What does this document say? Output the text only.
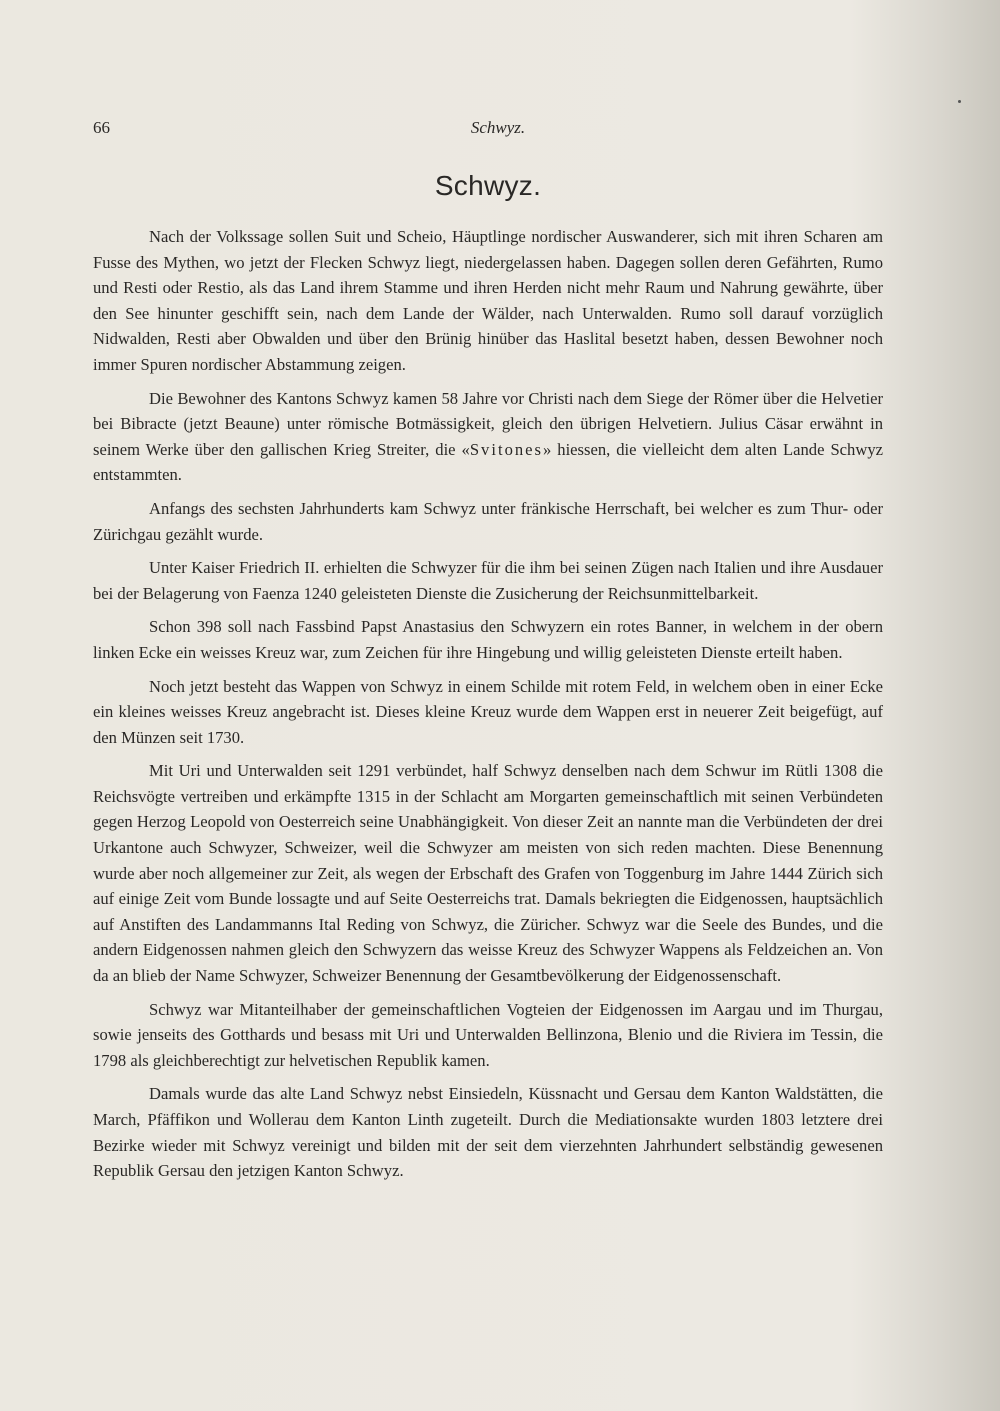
66	Schwyz.
Schwyz.

Nach der Volkssage sollen Suit und Scheio, Häuptlinge nordischer Auswanderer, sich mit ihren Scharen am Fusse des Mythen, wo jetzt der Flecken Schwyz liegt, niedergelassen haben. Dagegen sollen deren Gefährten, Rumo und Resti oder Restio, als das Land ihrem Stamme und ihren Herden nicht mehr Raum und Nahrung gewährte, über den See hinunter geschifft sein, nach dem Lande der Wälder, nach Unterwalden. Rumo soll darauf vorzüglich Nidwalden, Resti aber Obwalden und über den Brünig hinüber das Haslital besetzt haben, dessen Bewohner noch immer Spuren nordischer Abstammung zeigen.

Die Bewohner des Kantons Schwyz kamen 58 Jahre vor Christi nach dem Siege der Römer über die Helvetier bei Bibracte (jetzt Beaune) unter römische Botmässigkeit, gleich den übrigen Helvetiern. Julius Cäsar erwähnt in seinem Werke über den gallischen Krieg Streiter, die «Svitones» hiessen, die vielleicht dem alten Lande Schwyz entstammten.

Anfangs des sechsten Jahrhunderts kam Schwyz unter fränkische Herrschaft, bei welcher es zum Thur- oder Zürichgau gezählt wurde.

Unter Kaiser Friedrich II. erhielten die Schwyzer für die ihm bei seinen Zügen nach Italien und ihre Ausdauer bei der Belagerung von Faenza 1240 geleisteten Dienste die Zusicherung der Reichsunmittelbarkeit.

Schon 398 soll nach Fassbind Papst Anastasius den Schwyzern ein rotes Banner, in welchem in der obern linken Ecke ein weisses Kreuz war, zum Zeichen für ihre Hingebung und willig geleisteten Dienste erteilt haben.

Noch jetzt besteht das Wappen von Schwyz in einem Schilde mit rotem Feld, in welchem oben in einer Ecke ein kleines weisses Kreuz angebracht ist. Dieses kleine Kreuz wurde dem Wappen erst in neuerer Zeit beigefügt, auf den Münzen seit 1730.

Mit Uri und Unterwalden seit 1291 verbündet, half Schwyz denselben nach dem Schwur im Rütli 1308 die Reichsvögte vertreiben und erkämpfte 1315 in der Schlacht am Morgarten gemeinschaftlich mit seinen Verbündeten gegen Herzog Leopold von Oesterreich seine Unabhängigkeit. Von dieser Zeit an nannte man die Verbündeten der drei Urkantone auch Schwyzer, Schweizer, weil die Schwyzer am meisten von sich reden machten. Diese Benennung wurde aber noch allgemeiner zur Zeit, als wegen der Erbschaft des Grafen von Toggenburg im Jahre 1444 Zürich sich auf einige Zeit vom Bunde lossagte und auf Seite Oesterreichs trat. Damals bekriegten die Eidgenossen, hauptsächlich auf Anstiften des Landammanns Ital Reding von Schwyz, die Züricher. Schwyz war die Seele des Bundes, und die andern Eidgenossen nahmen gleich den Schwyzern das weisse Kreuz des Schwyzer Wappens als Feldzeichen an. Von da an blieb der Name Schwyzer, Schweizer Benennung der Gesamtbevölkerung der Eidgenossenschaft.

Schwyz war Mitanteilhaber der gemeinschaftlichen Vogteien der Eidgenossen im Aargau und im Thurgau, sowie jenseits des Gotthards und besass mit Uri und Unterwalden Bellinzona, Blenio und die Riviera im Tessin, die 1798 als gleichberechtigt zur helvetischen Republik kamen.

Damals wurde das alte Land Schwyz nebst Einsiedeln, Küssnacht und Gersau dem Kanton Waldstätten, die March, Pfäffikon und Wollerau dem Kanton Linth zugeteilt. Durch die Mediationsakte wurden 1803 letztere drei Bezirke wieder mit Schwyz vereinigt und bilden mit der seit dem vierzehnten Jahrhundert selbständig gewesenen Republik Gersau den jetzigen Kanton Schwyz.
